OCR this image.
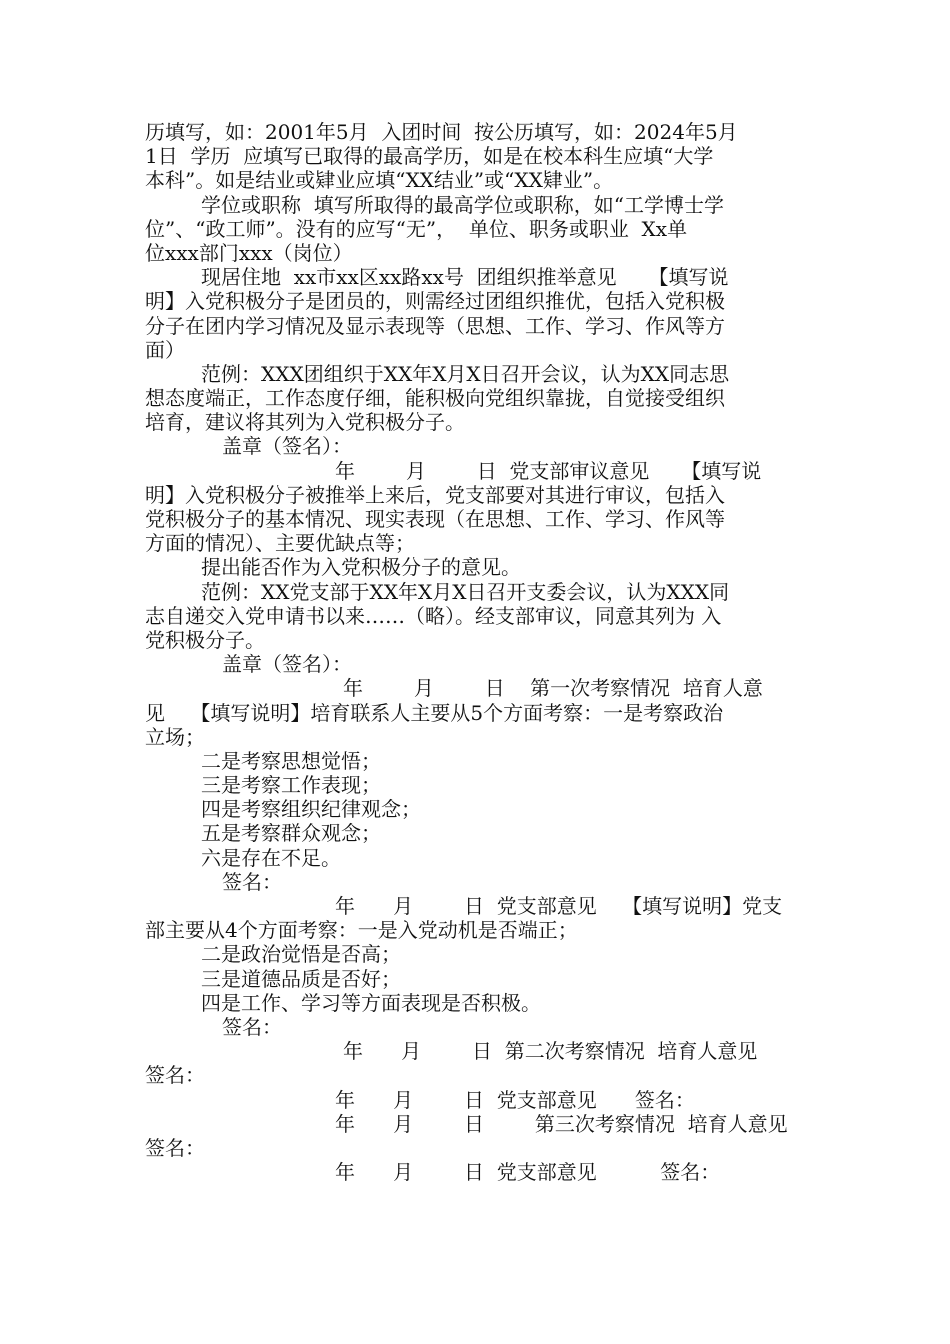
历填写，如：2001年5月  入团时间  按公历填写，如：2024年5月
1日  学历  应填写已取得的最高学历，如是在校本科生应填“大学
本科”。如是结业或肄业应填“XX结业”或“XX肄业”。
学位或职称  填写所取得的最高学位或职称，如“工学博士学
位”、“政工师”。没有的应写“无”，  单位、职务或职业  Xx单
位xxx部门xxx（岗位）
现居住地  xx市xx区xx路xx号  团组织推举意见     【填写说
明】入党积极分子是团员的，则需经过团组织推优，包括入党积极
分子在团内学习情况及显示表现等（思想、工作、学习、作风等方
面）
范例：XXX团组织于XX年X月X日召开会议，认为XX同志思
想态度端正，工作态度仔细，能积极向党组织靠拢，自觉接受组织
培育，建议将其列为入党积极分子。
盖章（签名）：
年        月        日  党支部审议意见     【填写说
明】入党积极分子被推举上来后，党支部要对其进行审议，包括入
党积极分子的基本情况、现实表现（在思想、工作、学习、作风等
方面的情况）、主要优缺点等；
提出能否作为入党积极分子的意见。
范例：XX党支部于XX年X月X日召开支委会议，认为XXX同
志自递交入党申请书以来……（略）。经支部审议，同意其列为 入
党积极分子。
盖章（签名）：
年        月        日    第一次考察情况  培育人意
见    【填写说明】培育联系人主要从5个方面考察：一是考察政治
立场；
二是考察思想觉悟；
三是考察工作表现；
四是考察组织纪律观念；
五是考察群众观念；
六是存在不足。
签名：
年      月        日  党支部意见    【填写说明】党支
部主要从4个方面考察：一是入党动机是否端正；
二是政治觉悟是否高；
三是道德品质是否好；
四是工作、学习等方面表现是否积极。
签名：
年      月        日  第二次考察情况  培育人意见
签名：
年      月        日  党支部意见      签名：
年      月        日        第三次考察情况  培育人意见
签名：
年      月        日  党支部意见          签名：
